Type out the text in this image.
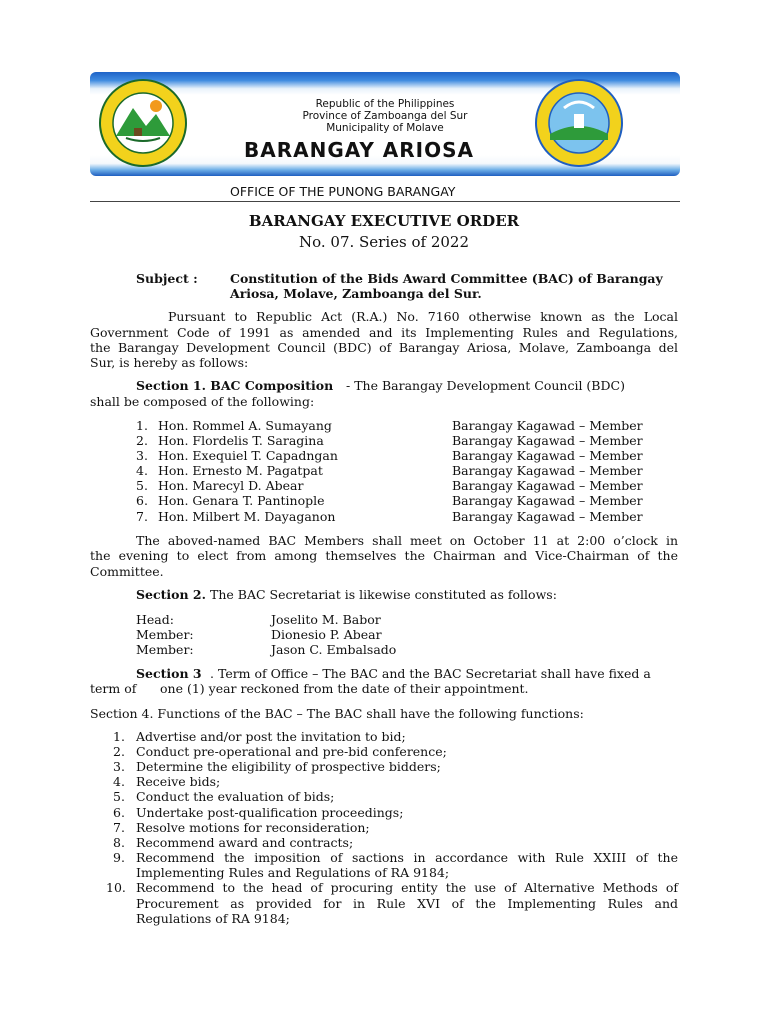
Republic of the Philippines
Province of Zamboanga del Sur
Municipality of Molave
BARANGAY ARIOSA
OFFICE OF THE PUNONG BARANGAY
BARANGAY EXECUTIVE ORDER
No. 07. Series of 2022
Subject :	Constitution of the Bids Award Committee (BAC) of Barangay
Ariosa, Molave, Zamboanga del Sur.
Pursuant to Republic Act (R.A.) No. 7160 otherwise known as the Local
Government Code of 1991 as amended and its Implementing Rules and Regulations,
the Barangay Development Council (BDC) of Barangay Ariosa, Molave, Zamboanga del
Sur, is hereby as follows:
Section 1. BAC Composition - The Barangay Development Council (BDC)
shall be composed of the following:
1. Hon. Rommel A. Sumayang	Barangay Kagawad – Member
2. Hon. Flordelis T. Saragina	Barangay Kagawad – Member
3. Hon. Exequiel T. Capadngan	Barangay Kagawad – Member
4. Hon. Ernesto M. Pagatpat	Barangay Kagawad – Member
5. Hon. Marecyl D. Abear	Barangay Kagawad – Member
6. Hon. Genara T. Pantinople	Barangay Kagawad – Member
7. Hon. Milbert M. Dayaganon	Barangay Kagawad – Member
The aboved-named BAC Members shall meet on October 11 at 2:00 o’clock in
the evening to elect from among themselves the Chairman and Vice-Chairman of the
Committee.
Section 2. The BAC Secretariat is likewise constituted as follows:
Head:	Joselito M. Babor
Member:	Dionesio P. Abear
Member:	Jason C. Embalsado
Section 3 . Term of Office – The BAC and the BAC Secretariat shall have fixed a
term of one (1) year reckoned from the date of their appointment.
Section 4. Functions of the BAC – The BAC shall have the following functions:
1. Advertise and/or post the invitation to bid;
2. Conduct pre-operational and pre-bid conference;
3. Determine the eligibility of prospective bidders;
4. Receive bids;
5. Conduct the evaluation of bids;
6. Undertake post-qualification proceedings;
7. Resolve motions for reconsideration;
8. Recommend award and contracts;
9. Recommend the imposition of sactions in accordance with Rule XXIII of the
Implementing Rules and Regulations of RA 9184;
10. Recommend to the head of procuring entity the use of Alternative Methods of
Procurement as provided for in Rule XVI of the Implementing Rules and
Regulations of RA 9184;
